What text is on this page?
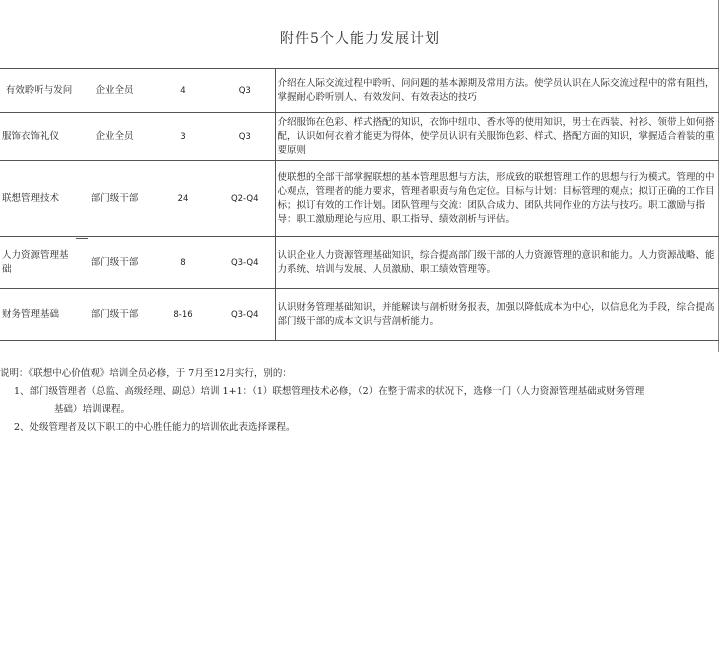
附件5个人能力发展计划
有效聆听与发问	企业全员	4	Q3	介绍在人际交流过程中聆听、问问题的基本源期及常用方法。使学员认识在人际交流过程中的常有阻挡，掌握耐心聆听别人、有效发问、有效表达的技巧
服饰衣饰礼仪	企业全员	3	Q3	介绍服饰在色彩、样式搭配的知识，衣饰中纽巾、香水等的使用知识，男士在西装、衬衫、领带上如何搭配，认识如何衣着才能更为得体，使学员认识有关服饰色彩、样式、搭配方面的知识，掌握适合着装的重要原则
联想管理技术	部门级干部	24	Q2-Q4	使联想的全部干部掌握联想的基本管理思想与方法，形成致的联想管理工作的思想与行为模式。管理的中心观点，管理者的能力要求，管理者职责与角色定位。目标与计划：目标管理的观点；拟订正确的工作目标；拟订有效的工作计划。团队管理与交流：团队合成力、团队共同作业的方法与技巧。职工激励与指导：职工激励理论与应用、职工指导、绩效剖析与评估。
人力资源管理基础	部门级干部	8	Q3-Q4	认识企业人力资源管理基础知识，综合提高部门级干部的人力资源管理的意识和能力。人力资源战略、能力系统、培训与发展、人员激励、职工绩效管理等。
财务管理基础	部门级干部	8-16	Q3-Q4	认识财务管理基础知识，并能解读与剖析财务报表，加强以降低成本为中心，以信息化为手段，综合提高部门级干部的成本文识与营剖析能力。
说明：《联想中心价值观》培训全员必修，于 7月至12月实行，别的：
1、部门级管理者（总监、高级经理、副总）培训 1+1：（1）联想管理技术必修，（2）在整于需求的状况下，选修一门（人力资源管理基础或财务管理
基础）培训课程。
2、处级管理者及以下职工的中心胜任能力的培训依此表选择课程。
